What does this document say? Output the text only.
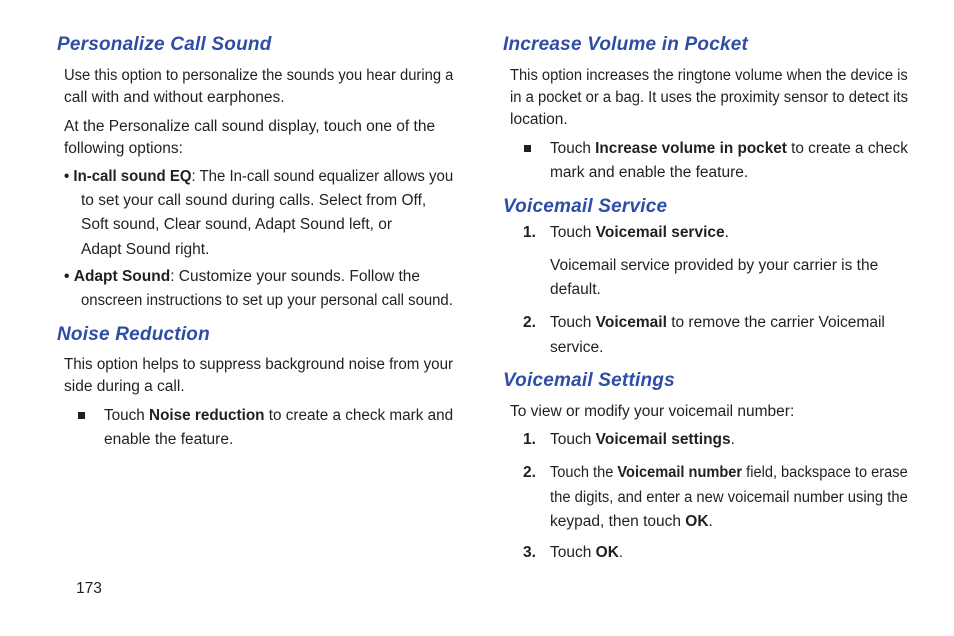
Personalize Call Sound
Use this option to personalize the sounds you hear during a
call with and without earphones.
At the Personalize call sound display, touch one of the
following options:
• In-call sound EQ: The In-call sound equalizer allows you
to set your call sound during calls. Select from Off,
Soft sound, Clear sound, Adapt Sound left, or
Adapt Sound right.
• Adapt Sound: Customize your sounds. Follow the
onscreen instructions to set up your personal call sound.
Noise Reduction
This option helps to suppress background noise from your
side during a call.
Touch Noise reduction to create a check mark and
enable the feature.
173
Increase Volume in Pocket
This option increases the ringtone volume when the device is
in a pocket or a bag. It uses the proximity sensor to detect its
location.
Touch Increase volume in pocket to create a check
mark and enable the feature.
Voicemail Service
1. Touch Voicemail service.
Voicemail service provided by your carrier is the
default.
2. Touch Voicemail to remove the carrier Voicemail
service.
Voicemail Settings
To view or modify your voicemail number:
1. Touch Voicemail settings.
2. Touch the Voicemail number field, backspace to erase
the digits, and enter a new voicemail number using the
keypad, then touch OK.
3. Touch OK.
